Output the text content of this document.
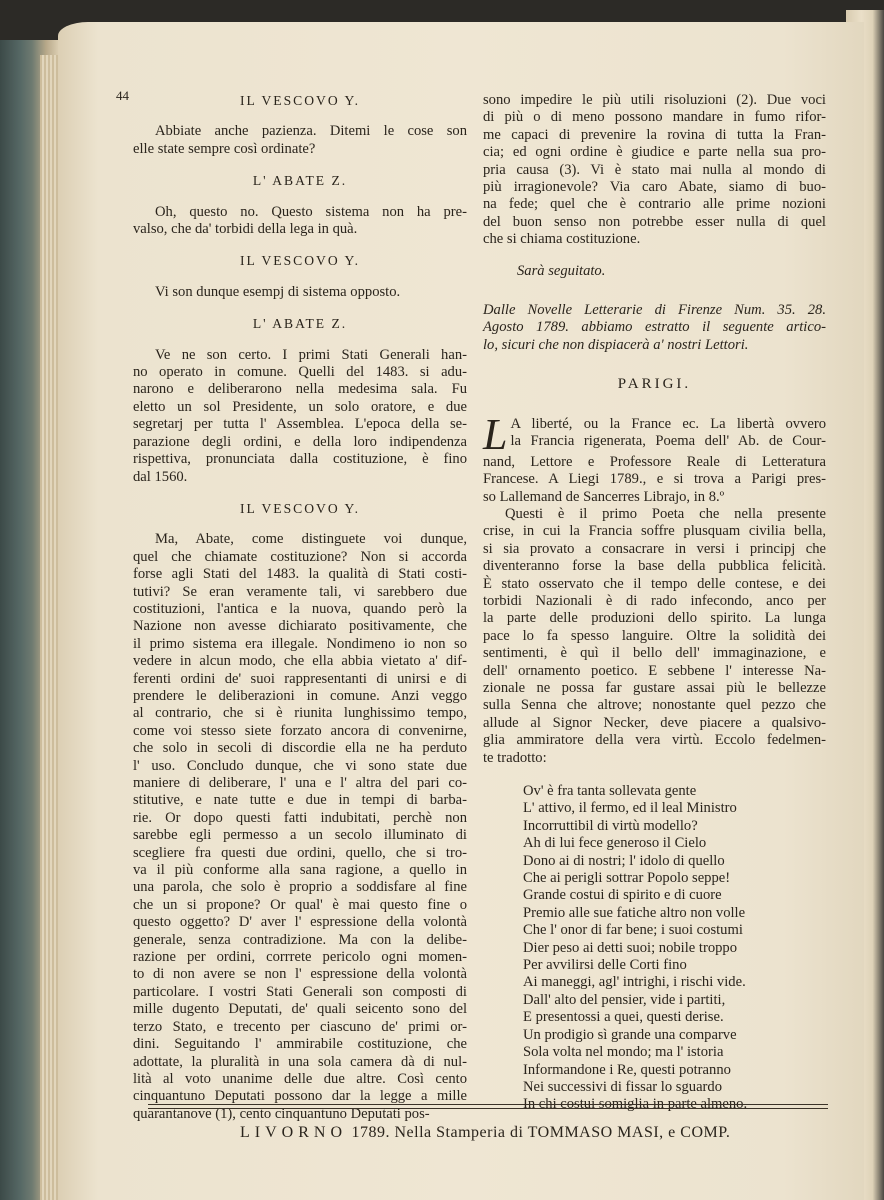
44	IL VESCOVO Y.
Abbiate anche pazienza. Ditemi le cose son
elle state sempre così ordinate?
L' ABATE Z.
Oh, questo no. Questo sistema non ha pre-
valso, che da' torbidi della lega in quà.
IL VESCOVO Y.
Vi son dunque esempj di sistema opposto.
L' ABATE Z.
Ve ne son certo. I primi Stati Generali han-
no operato in comune. Quelli del 1483. si adu-
narono e deliberarono nella medesima sala. Fu
eletto un sol Presidente, un solo oratore, e due
segretarj per tutta l' Assemblea. L'epoca della se-
parazione degli ordini, e della loro indipendenza
rispettiva, pronunciata dalla costituzione, è fino
dal 1560.
IL VESCOVO Y.
Ma, Abate, come distinguete voi dunque,
quel che chiamate costituzione? Non si accorda
forse agli Stati del 1483. la qualità di Stati costi-
tutivi? Se eran veramente tali, vi sarebbero due
costituzioni, l'antica e la nuova, quando però la
Nazione non avesse dichiarato positivamente, che
il primo sistema era illegale. Nondimeno io non so
vedere in alcun modo, che ella abbia vietato a' dif-
ferenti ordini de' suoi rappresentanti di unirsi e di
prendere le deliberazioni in comune. Anzi veggo
al contrario, che si è riunita lunghissimo tempo,
come voi stesso siete forzato ancora di convenirne,
che solo in secoli di discordie ella ne ha perduto
l' uso. Concludo dunque, che vi sono state due
maniere di deliberare, l' una e l' altra del pari co-
stitutive, e nate tutte e due in tempi di barba-
rie. Or dopo questi fatti indubitati, perchè non
sarebbe egli permesso a un secolo illuminato di
scegliere fra questi due ordini, quello, che si tro-
va il più conforme alla sana ragione, a quello in
una parola, che solo è proprio a soddisfare al fine
che un si propone? Or qual' è mai questo fine o
questo oggetto? D' aver l' espressione della volontà
generale, senza contradizione. Ma con la delibe-
razione per ordini, corrrete pericolo ogni momen-
to di non avere se non l' espressione della volontà
particolare. I vostri Stati Generali son composti di
mille dugento Deputati, de' quali seicento sono del
terzo Stato, e trecento per ciascuno de' primi or-
dini. Seguitando l' ammirabile costituzione, che
adottate, la pluralità in una sola camera dà di nul-
lità al voto unanime delle due altre. Così cento
cinquantuno Deputati possono dar la legge a mille
quarantanove (1), cento cinquantuno Deputati pos-
sono impedire le più utili risoluzioni (2). Due voci
di più o di meno possono mandare in fumo rifor-
me capaci di prevenire la rovina di tutta la Fran-
cia; ed ogni ordine è giudice e parte nella sua pro-
pria causa (3). Vi è stato mai nulla al mondo di
più irragionevole? Via caro Abate, siamo di buo-
na fede; quel che è contrario alle prime nozioni
del buon senso non potrebbe esser nulla di quel
che si chiama costituzione.
Sarà seguitato.
Dalle Novelle Letterarie di Firenze Num. 35. 28.
Agosto 1789. abbiamo estratto il seguente artico-
lo, sicuri che non dispiacerà a' nostri Lettori.
PARIGI.
L A liberté, ou la France ec. La libertà ovvero
la Francia rigenerata, Poema dell' Ab. de Cour-
nand, Lettore e Professore Reale di Letteratura
Francese. A Liegi 1789., e si trova a Parigi pres-
so Lallemand de Sancerres Librajo, in 8.º
Questi è il primo Poeta che nella presente
crise, in cui la Francia soffre plusquam civilia bella,
si sia provato a consacrare in versi i principj che
diventeranno forse la base della pubblica felicità.
È stato osservato che il tempo delle contese, e dei
torbidi Nazionali è di rado infecondo, anco per
la parte delle produzioni dello spirito. La lunga
pace lo fa spesso languire. Oltre la solidità dei
sentimenti, è quì il bello dell' immaginazione, e
dell' ornamento poetico. E sebbene l' interesse Na-
zionale ne possa far gustare assai più le bellezze
sulla Senna che altrove; nonostante quel pezzo che
allude al Signor Necker, deve piacere a qualsivo-
glia ammiratore della vera virtù. Eccolo fedelmen-
te tradotto:
Ov' è fra tanta sollevata gente
L' attivo, il fermo, ed il leal Ministro
Incorruttibil di virtù modello?
Ah di lui fece generoso il Cielo
Dono ai di nostri; l' idolo di quello
Che ai perigli sottrar Popolo seppe!
Grande costui di spirito e di cuore
Premio alle sue fatiche altro non volle
Che l' onor di far bene; i suoi costumi
Dier peso ai detti suoi; nobile troppo
Per avvilirsi delle Corti fino
Ai maneggi, agl' intrighi, i rischi vide.
Dall' alto del pensier, vide i partiti,
E presentossi a quei, questi derise.
Un prodigio sì grande una comparve
Sola volta nel mondo; ma l' istoria
Informandone i Re, questi potranno
Nei successivi di fissar lo sguardo
In chi costui somiglia in parte almeno.
LIVORNO 1789. Nella Stamperia di TOMMASO MASI, e COMP.
